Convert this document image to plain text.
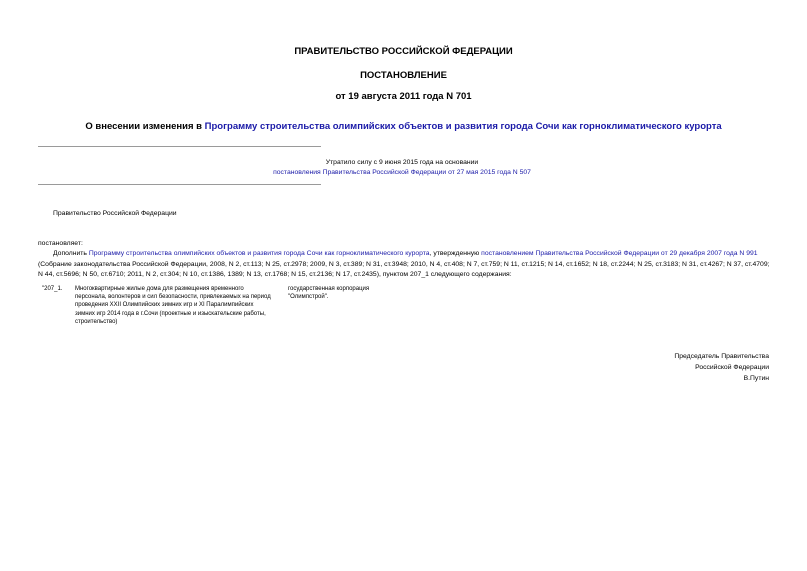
ПРАВИТЕЛЬСТВО РОССИЙСКОЙ ФЕДЕРАЦИИ
ПОСТАНОВЛЕНИЕ
от 19 августа 2011 года N 701
О внесении изменения в Программу строительства олимпийских объектов и развития города Сочи как горноклиматического курорта
Утратило силу с 9 июня 2015 года на основании
постановления Правительства Российской Федерации от 27 мая 2015 года N 507
Правительство Российской Федерации
постановляет:
Дополнить Программу строительства олимпийских объектов и развития города Сочи как горноклиматического курорта, утвержденную постановлением Правительства Российской Федерации от 29 декабря 2007 года N 991 (Собрание законодательства Российской Федерации, 2008, N 2, ст.113; N 25, ст.2978; 2009, N 3, ст.389; N 31, ст.3948; 2010, N 4, ст.408; N 7, ст.759; N 11, ст.1215; N 14, ст.1652; N 18, ст.2244; N 25, ст.3183; N 31, ст.4267; N 37, ст.4709; N 44, ст.5696; N 50, ст.6710; 2011, N 2, ст.304; N 10, ст.1386, 1389; N 13, ст.1768; N 15, ст.2136; N 17, ст.2435), пунктом 207_1 следующего содержания:
"207_1. Многоквартирные жилые дома для размещения временного персонала, волонтеров и сил безопасности, привлекаемых на период проведения XXII Олимпийских зимних игр и XI Паралимпийских зимних игр 2014 года в г.Сочи (проектные и изыскательские работы, строительство)
государственная корпорация "Олимпстрой".
Председатель Правительства
Российской Федерации
В.Путин
